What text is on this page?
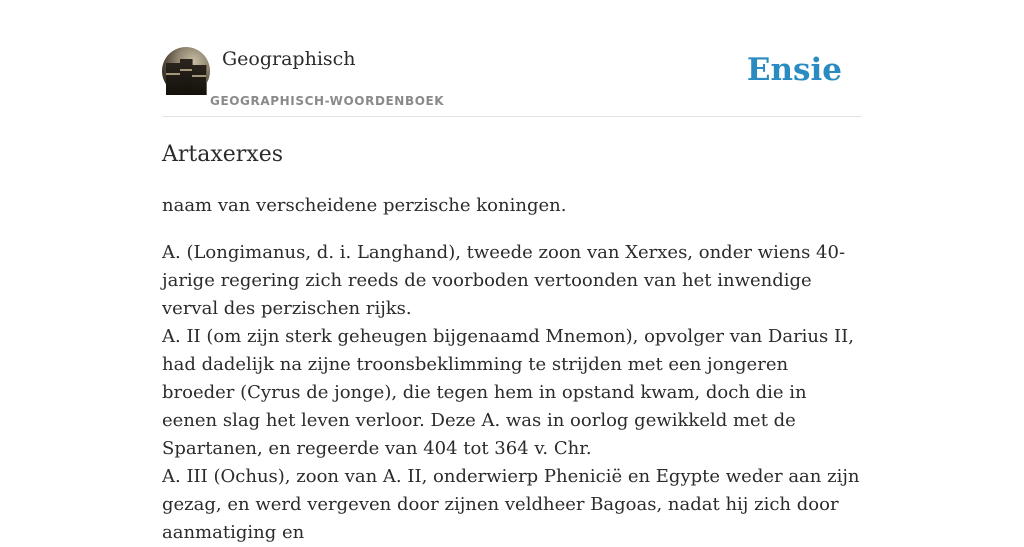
Geographisch
GEOGRAPHISCH-WOORDENBOEK
Ensie
Artaxerxes

naam van verscheidene perzische koningen.

A. (Longimanus, d. i. Langhand), tweede zoon van Xerxes, onder wiens 40-jarige regering zich reeds de voorboden vertoonden van het inwendige verval des perzischen rijks.

A. II (om zijn sterk geheugen bijgenaamd Mnemon), opvolger van Darius II, had dadelijk na zijne troonsbeklimming te strijden met een jongeren broeder (Cyrus de jonge), die tegen hem in opstand kwam, doch die in eenen slag het leven verloor. Deze A. was in oorlog gewikkeld met de Spartanen, en regeerde van 404 tot 364 v. Chr.

A. III (Ochus), zoon van A. II, onderwierp Phenicië en Egypte weder aan zijn gezag, en werd vergeven door zijnen veldheer Bagoas, nadat hij zich door aanmatiging en
